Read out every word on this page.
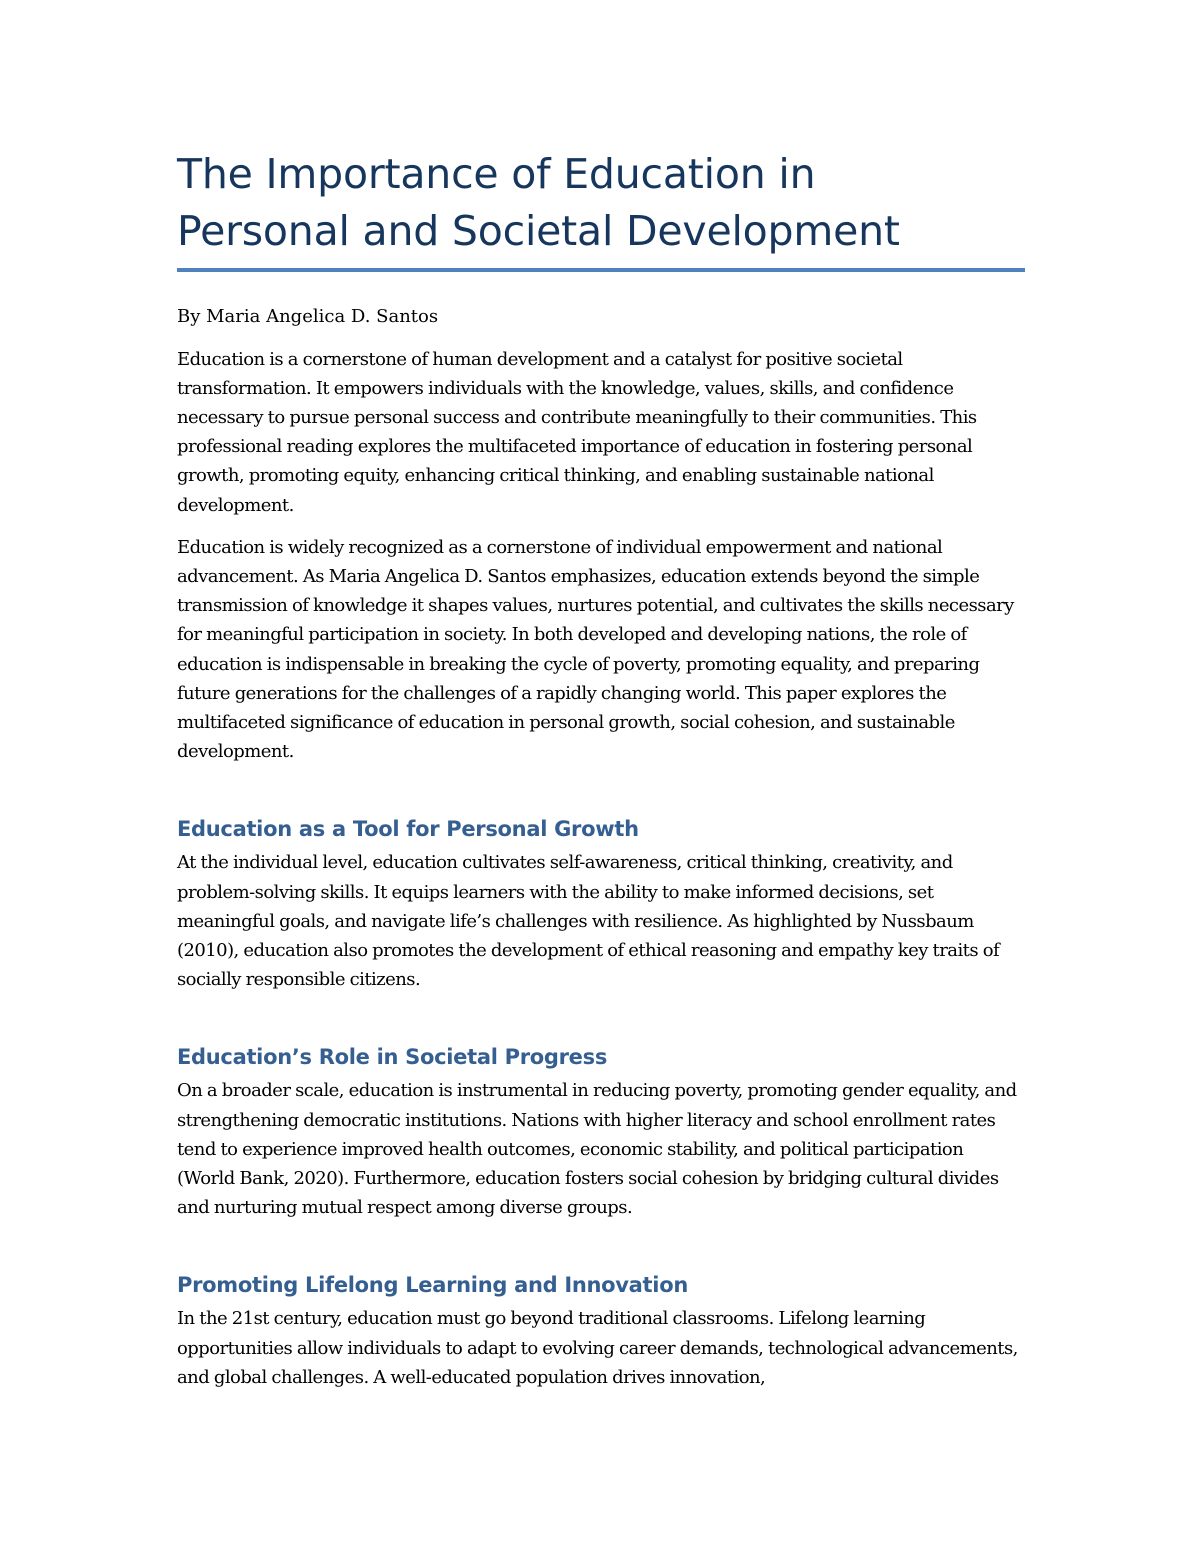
The Importance of Education in
Personal and Societal Development

By Maria Angelica D. Santos

Education is a cornerstone of human development and a catalyst for positive societal transformation. It empowers individuals with the knowledge, values, skills, and confidence necessary to pursue personal success and contribute meaningfully to their communities. This professional reading explores the multifaceted importance of education in fostering personal growth, promoting equity, enhancing critical thinking, and enabling sustainable national development.

Education is widely recognized as a cornerstone of individual empowerment and national advancement. As Maria Angelica D. Santos emphasizes, education extends beyond the simple transmission of knowledge it shapes values, nurtures potential, and cultivates the skills necessary for meaningful participation in society. In both developed and developing nations, the role of education is indispensable in breaking the cycle of poverty, promoting equality, and preparing future generations for the challenges of a rapidly changing world. This paper explores the multifaceted significance of education in personal growth, social cohesion, and sustainable development.

Education as a Tool for Personal Growth

At the individual level, education cultivates self-awareness, critical thinking, creativity, and problem-solving skills. It equips learners with the ability to make informed decisions, set meaningful goals, and navigate life’s challenges with resilience. As highlighted by Nussbaum (2010), education also promotes the development of ethical reasoning and empathy key traits of socially responsible citizens.

Education’s Role in Societal Progress

On a broader scale, education is instrumental in reducing poverty, promoting gender equality, and strengthening democratic institutions. Nations with higher literacy and school enrollment rates tend to experience improved health outcomes, economic stability, and political participation (World Bank, 2020). Furthermore, education fosters social cohesion by bridging cultural divides and nurturing mutual respect among diverse groups.

Promoting Lifelong Learning and Innovation

In the 21st century, education must go beyond traditional classrooms. Lifelong learning opportunities allow individuals to adapt to evolving career demands, technological advancements, and global challenges. A well-educated population drives innovation,
